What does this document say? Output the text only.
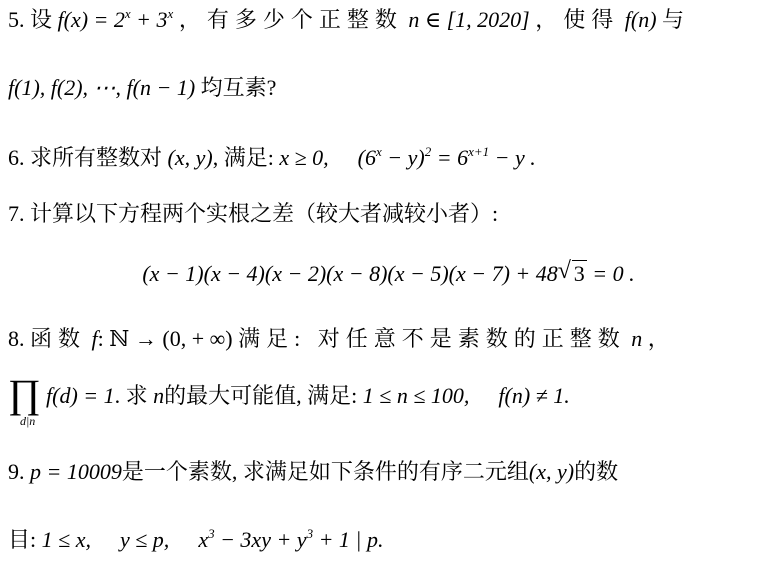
5. 设 $f(x) = 2^x + 3^x$ ，有多少个正整数 n ∈ [1, 2020] ，使得 f(n) 与
f(1), f(2), ⋯, f(n − 1) 均互素?
6. 求所有整数对 (x, y), 满足: x ≥ 0, $(6^x - y)^2 = 6^{x+1} - y$ .
7. 计算以下方程两个实根之差（较大者减较小者）:
(x − 1)(x − 4)(x − 2)(x − 8)(x − 5)(x − 7) + 48 √ 3 = 0 .
8. 函数 f: ℕ → (0, + ∞) 满足: 对任意不是素数的正整数 n ，
∏
d|n
f(d) = 1. 求 n的最大可能值, 满足: 1 ≤ n ≤ 100, f(n) ≠ 1.
9. p = 10009是一个素数, 求满足如下条件的有序二元组(x, y)的数
目: 1 ≤ x, y ≤ p, $x^3 - 3xy + y^3 + 1$ | p.
